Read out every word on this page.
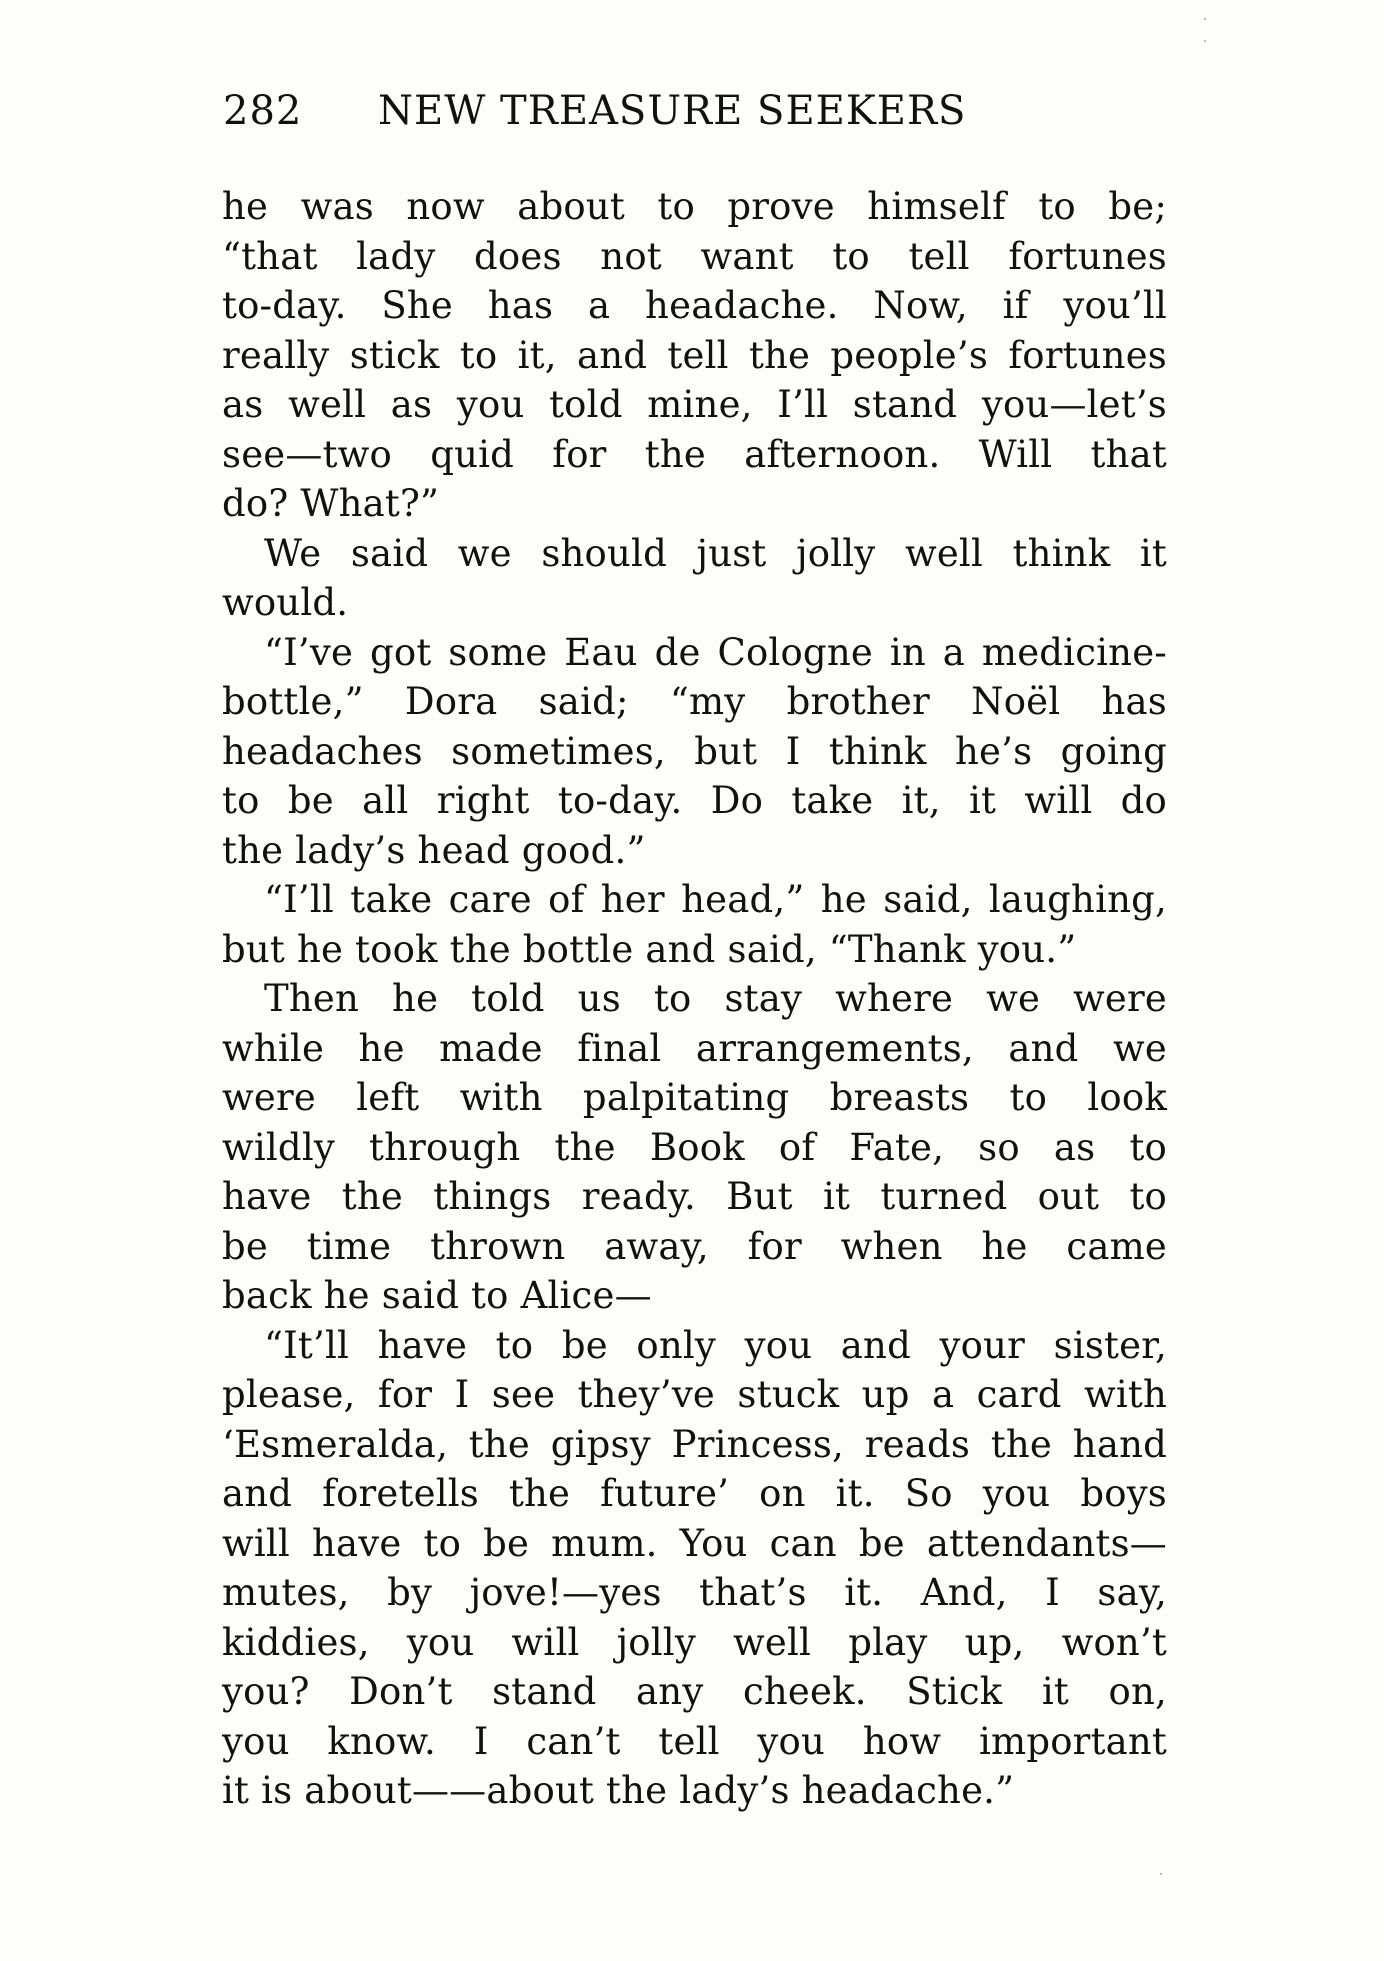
282 NEW TREASURE SEEKERS
he was now about to prove himself to be;
“that lady does not want to tell fortunes
to-day. She has a headache. Now, if you’ll
really stick to it, and tell the people’s fortunes
as well as you told mine, I’ll stand you—let’s
see—two quid for the afternoon. Will that
do? What?”
We said we should just jolly well think it
would.
“I’ve got some Eau de Cologne in a medicine-
bottle,” Dora said; “my brother Noël has
headaches sometimes, but I think he’s going
to be all right to-day. Do take it, it will do
the lady’s head good.”
“I’ll take care of her head,” he said, laughing,
but he took the bottle and said, “Thank you.”
Then he told us to stay where we were
while he made final arrangements, and we
were left with palpitating breasts to look
wildly through the Book of Fate, so as to
have the things ready. But it turned out to
be time thrown away, for when he came
back he said to Alice—
“It’ll have to be only you and your sister,
please, for I see they’ve stuck up a card with
‘Esmeralda, the gipsy Princess, reads the hand
and foretells the future’ on it. So you boys
will have to be mum. You can be attendants—
mutes, by jove!—yes that’s it. And, I say,
kiddies, you will jolly well play up, won’t
you? Don’t stand any cheek. Stick it on,
you know. I can’t tell you how important
it is about——about the lady’s headache.”
